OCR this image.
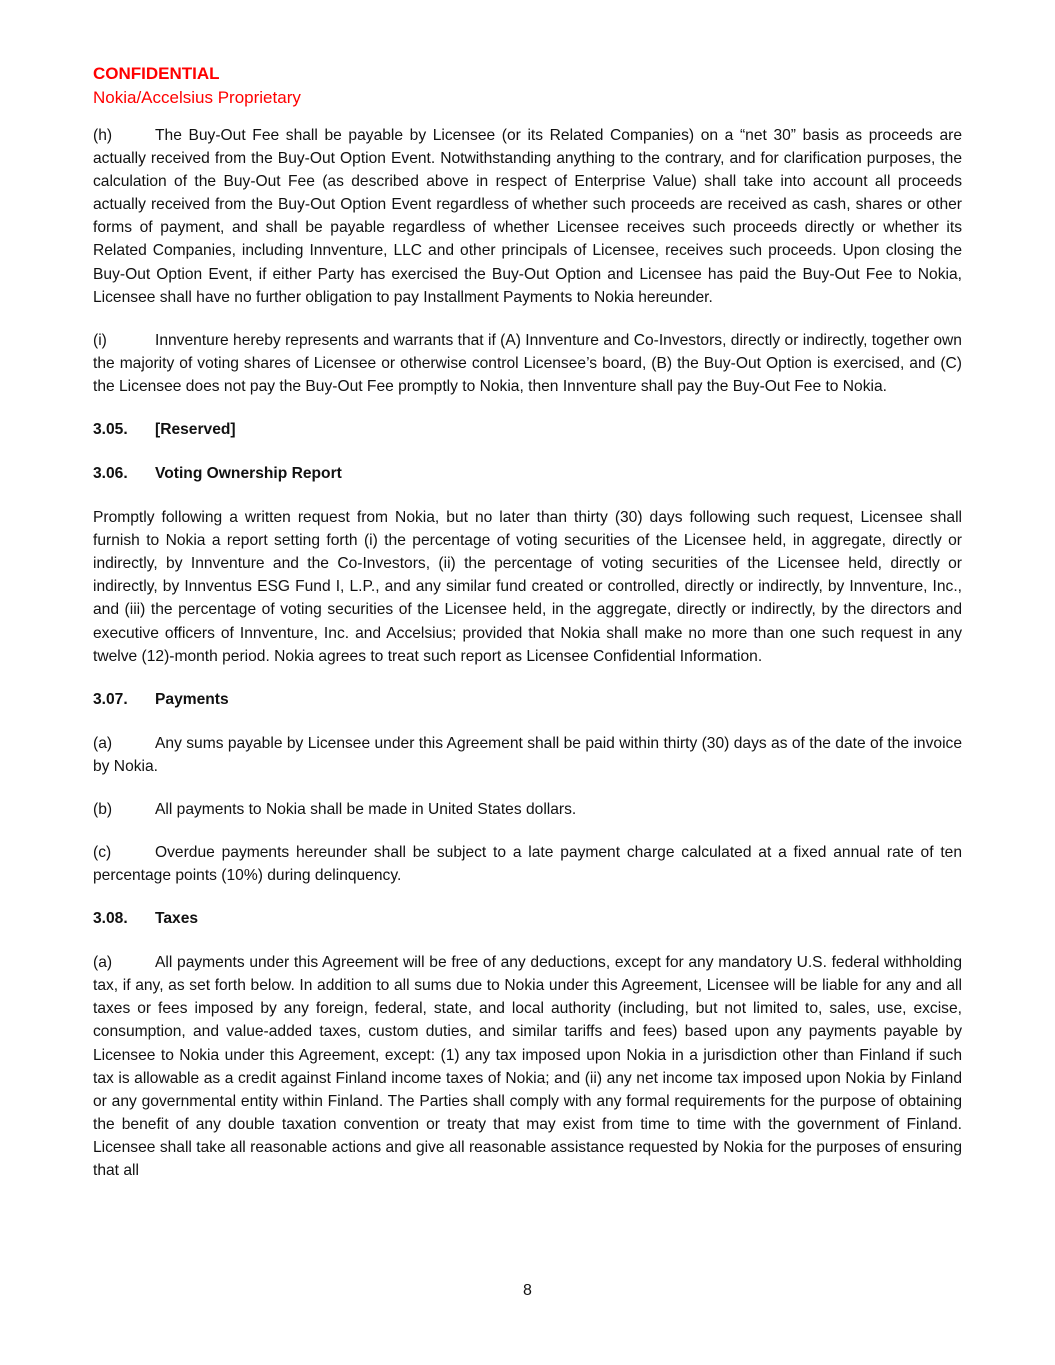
CONFIDENTIAL
Nokia/Accelsius Proprietary

(h)	The Buy-Out Fee shall be payable by Licensee (or its Related Companies) on a “net 30” basis as proceeds are actually received from the Buy-Out Option Event. Notwithstanding anything to the contrary, and for clarification purposes, the calculation of the Buy-Out Fee (as described above in respect of Enterprise Value) shall take into account all proceeds actually received from the Buy-Out Option Event regardless of whether such proceeds are received as cash, shares or other forms of payment, and shall be payable regardless of whether Licensee receives such proceeds directly or whether its Related Companies, including Innventure, LLC and other principals of Licensee, receives such proceeds. Upon closing the Buy-Out Option Event, if either Party has exercised the Buy-Out Option and Licensee has paid the Buy-Out Fee to Nokia, Licensee shall have no further obligation to pay Installment Payments to Nokia hereunder.

(i)	Innventure hereby represents and warrants that if (A) Innventure and Co-Investors, directly or indirectly, together own the majority of voting shares of Licensee or otherwise control Licensee’s board, (B) the Buy-Out Option is exercised, and (C) the Licensee does not pay the Buy-Out Fee promptly to Nokia, then Innventure shall pay the Buy-Out Fee to Nokia.

3.05. [Reserved]
3.06. Voting Ownership Report

Promptly following a written request from Nokia, but no later than thirty (30) days following such request, Licensee shall furnish to Nokia a report setting forth (i) the percentage of voting securities of the Licensee held, in aggregate, directly or indirectly, by Innventure and the Co-Investors, (ii) the percentage of voting securities of the Licensee held, directly or indirectly, by Innventus ESG Fund I, L.P., and any similar fund created or controlled, directly or indirectly, by Innventure, Inc., and (iii) the percentage of voting securities of the Licensee held, in the aggregate, directly or indirectly, by the directors and executive officers of Innventure, Inc. and Accelsius; provided that Nokia shall make no more than one such request in any twelve (12)-month period. Nokia agrees to treat such report as Licensee Confidential Information.

3.07. Payments

(a)	Any sums payable by Licensee under this Agreement shall be paid within thirty (30) days as of the date of the invoice by Nokia.

(b)	All payments to Nokia shall be made in United States dollars.

(c)	Overdue payments hereunder shall be subject to a late payment charge calculated at a fixed annual rate of ten percentage points (10%) during delinquency.

3.08. Taxes

(a)	All payments under this Agreement will be free of any deductions, except for any mandatory U.S. federal withholding tax, if any, as set forth below. In addition to all sums due to Nokia under this Agreement, Licensee will be liable for any and all taxes or fees imposed by any foreign, federal, state, and local authority (including, but not limited to, sales, use, excise, consumption, and value-added taxes, custom duties, and similar tariffs and fees) based upon any payments payable by Licensee to Nokia under this Agreement, except: (1) any tax imposed upon Nokia in a jurisdiction other than Finland if such tax is allowable as a credit against Finland income taxes of Nokia; and (ii) any net income tax imposed upon Nokia by Finland or any governmental entity within Finland. The Parties shall comply with any formal requirements for the purpose of obtaining the benefit of any double taxation convention or treaty that may exist from time to time with the government of Finland. Licensee shall take all reasonable actions and give all reasonable assistance requested by Nokia for the purposes of ensuring that all

8
